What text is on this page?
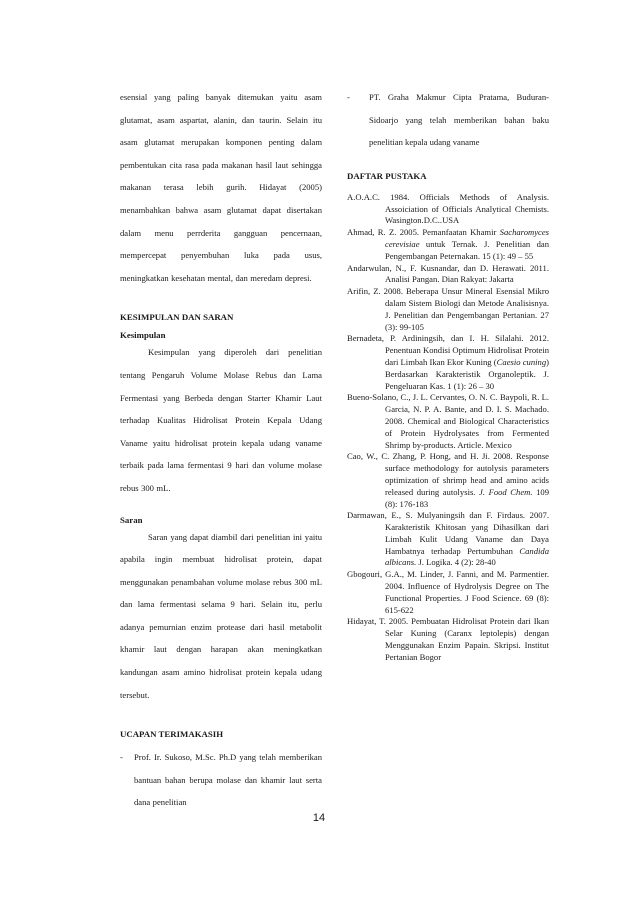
esensial yang paling banyak ditemukan yaitu asam glutamat, asam aspartat, alanin, dan taurin. Selain itu asam glutamat merupakan komponen penting dalam pembentukan cita rasa pada makanan hasil laut sehingga makanan terasa lebih gurih. Hidayat (2005) menambahkan bahwa asam glutamat dapat disertakan dalam menu perrderita gangguan pencernaan, mempercepat penyembuhan luka pada usus, meningkatkan kesehatan mental, dan meredam depresi.

KESIMPULAN DAN SARAN
Kesimpulan

Kesimpulan yang diperoleh dari penelitian tentang Pengaruh Volume Molase Rebus dan Lama Fermentasi yang Berbeda dengan Starter Khamir Laut terhadap Kualitas Hidrolisat Protein Kepala Udang Vaname yaitu hidrolisat protein kepala udang vaname terbaik pada lama fermentasi 9 hari dan volume molase rebus 300 mL.

Saran

Saran yang dapat diambil dari penelitian ini yaitu apabila ingin membuat hidrolisat protein, dapat menggunakan penambahan volume molase rebus 300 mL dan lama fermentasi selama 9 hari. Selain itu, perlu adanya pemurnian enzim protease dari hasil metabolit khamir laut dengan harapan akan meningkatkan kandungan asam amino hidrolisat protein kepala udang tersebut.

UCAPAN TERIMAKASIH

- Prof. Ir. Sukoso, M.Sc. Ph.D yang telah memberikan bantuan bahan berupa molase dan khamir laut serta dana penelitian

- PT. Graha Makmur Cipta Pratama, Buduran-Sidoarjo yang telah memberikan bahan baku penelitian kepala udang vaname

DAFTAR PUSTAKA

A.O.A.C. 1984. Officials Methods of Analysis. Assoiciation of Officials Analytical Chemists. Wasington.D.C..USA

Ahmad, R. Z. 2005. Pemanfaatan Khamir Sacharomyces cerevisiae untuk Ternak. J. Penelitian dan Pengembangan Peternakan. 15 (1): 49 – 55

Andarwulan, N., F. Kusnandar, dan D. Herawati. 2011. Analisi Pangan. Dian Rakyat: Jakarta

Arifin, Z. 2008. Beberapa Unsur Mineral Esensial Mikro dalam Sistem Biologi dan Metode Analisisnya. J. Penelitian dan Pengembangan Pertanian. 27 (3): 99-105

Bernadeta, P. Ardiningsih, dan I. H. Silalahi. 2012. Penentuan Kondisi Optimum Hidrolisat Protein dari Limbah Ikan Ekor Kuning (Caesio cuning) Berdasarkan Karakteristik Organoleptik. J. Pengeluaran Kas. 1 (1): 26 – 30

Bueno-Solano, C., J. L. Cervantes, O. N. C. Baypoli, R. L. Garcia, N. P. A. Bante, and D. I. S. Machado. 2008. Chemical and Biological Characteristics of Protein Hydrolysates from Fermented Shrimp by-products. Article. Mexico

Cao, W., C. Zhang, P. Hong, and H. Ji. 2008. Response surface methodology for autolysis parameters optimization of shrimp head and amino acids released during autolysis. J. Food Chem. 109 (8): 176-183

Darmawan, E., S. Mulyaningsih dan F. Firdaus. 2007. Karakteristik Khitosan yang Dihasilkan dari Limbah Kulit Udang Vaname dan Daya Hambatnya terhadap Pertumbuhan Candida albicans. J. Logika. 4 (2): 28-40

Gbogouri, G.A., M. Linder, J. Fanni, and M. Parmentier. 2004. Influence of Hydrolysis Degree on The Functional Properties. J Food Science. 69 (8): 615-622

Hidayat, T. 2005. Pembuatan Hidrolisat Protein dari Ikan Selar Kuning (Caranx leptolepis) dengan Menggunakan Enzim Papain. Skripsi. Institut Pertanian Bogor

14
